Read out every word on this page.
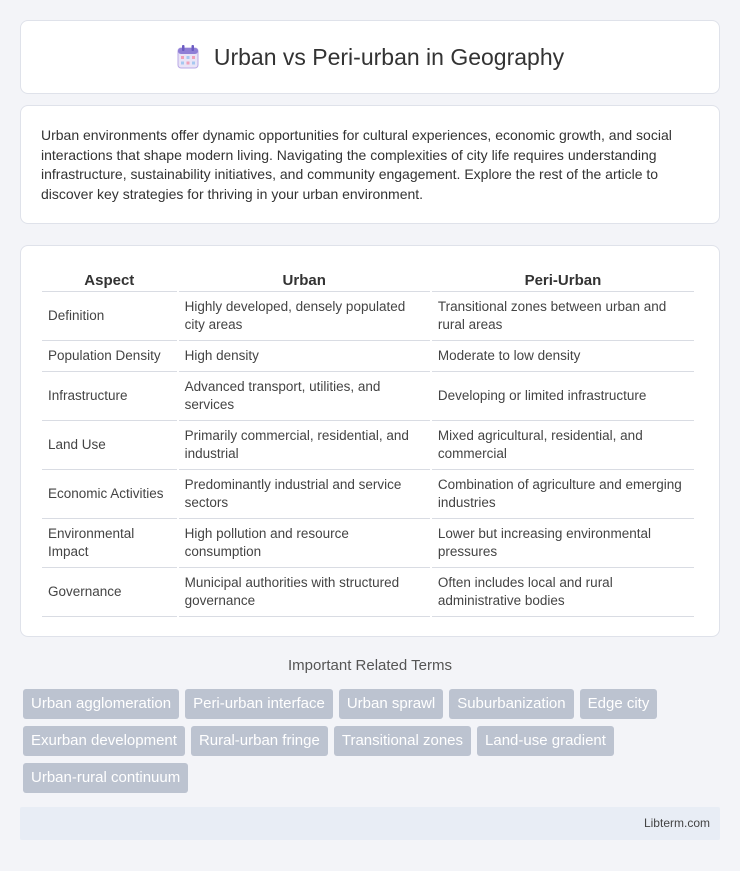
Urban vs Peri-urban in Geography

Urban environments offer dynamic opportunities for cultural experiences, economic growth, and social interactions that shape modern living. Navigating the complexities of city life requires understanding infrastructure, sustainability initiatives, and community engagement. Explore the rest of the article to discover key strategies for thriving in your urban environment.

Aspect	Urban	Peri-Urban
Definition	Highly developed, densely populated city areas	Transitional zones between urban and rural areas
Population Density	High density	Moderate to low density
Infrastructure	Advanced transport, utilities, and services	Developing or limited infrastructure
Land Use	Primarily commercial, residential, and industrial	Mixed agricultural, residential, and commercial
Economic Activities	Predominantly industrial and service sectors	Combination of agriculture and emerging industries
Environmental Impact	High pollution and resource consumption	Lower but increasing environmental pressures
Governance	Municipal authorities with structured governance	Often includes local and rural administrative bodies
Important Related Terms
Urban agglomeration	Peri-urban interface	Urban sprawl	Suburbanization	Edge city
Exurban development	Rural-urban fringe	Transitional zones	Land-use gradient
Urban-rural continuum
Libterm.com
